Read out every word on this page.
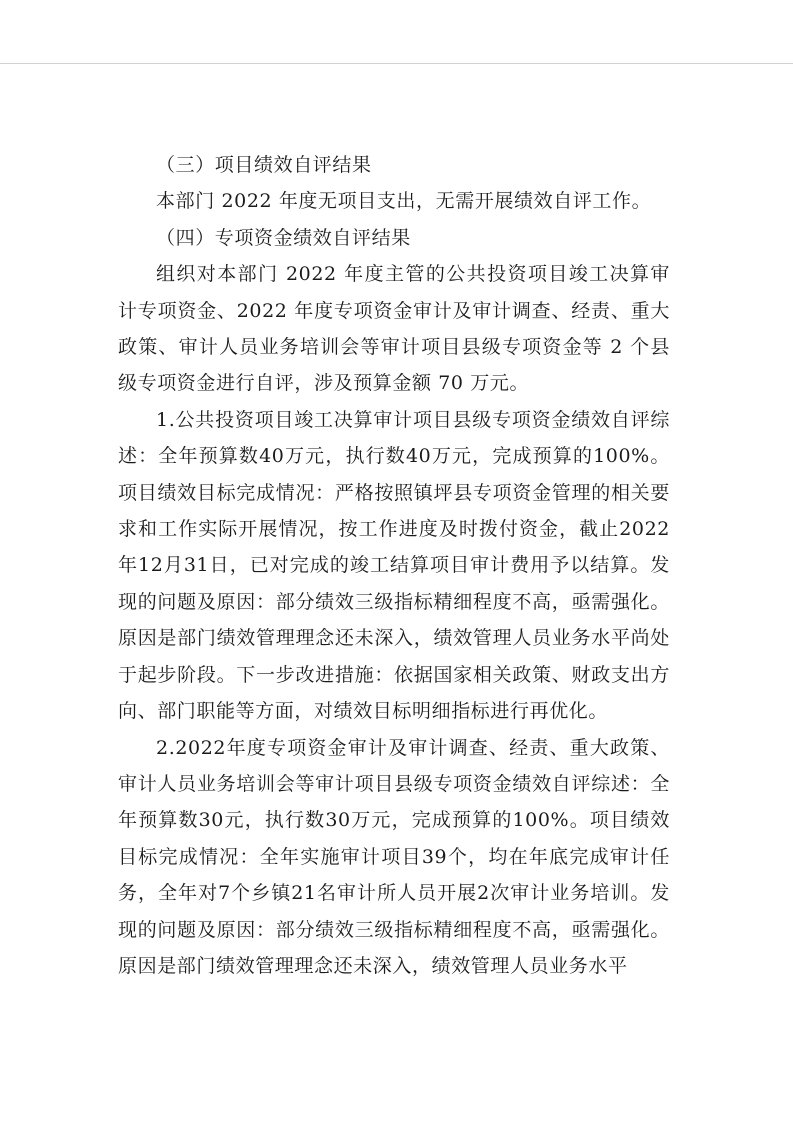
（三）项目绩效自评结果

本部门 2022 年度无项目支出，无需开展绩效自评工作。

（四）专项资金绩效自评结果

组织对本部门 2022 年度主管的公共投资项目竣工决算审计专项资金、2022 年度专项资金审计及审计调查、经责、重大政策、审计人员业务培训会等审计项目县级专项资金等 2 个县级专项资金进行自评，涉及预算金额 70 万元。

1.公共投资项目竣工决算审计项目县级专项资金绩效自评综述：全年预算数40万元，执行数40万元，完成预算的100%。项目绩效目标完成情况：严格按照镇坪县专项资金管理的相关要求和工作实际开展情况，按工作进度及时拨付资金，截止2022年12月31日，已对完成的竣工结算项目审计费用予以结算。发现的问题及原因：部分绩效三级指标精细程度不高，亟需强化。原因是部门绩效管理理念还未深入，绩效管理人员业务水平尚处于起步阶段。下一步改进措施：依据国家相关政策、财政支出方向、部门职能等方面，对绩效目标明细指标进行再优化。

2.2022年度专项资金审计及审计调查、经责、重大政策、审计人员业务培训会等审计项目县级专项资金绩效自评综述：全年预算数30元，执行数30万元，完成预算的100%。项目绩效目标完成情况：全年实施审计项目39个，均在年底完成审计任务，全年对7个乡镇21名审计所人员开展2次审计业务培训。发现的问题及原因：部分绩效三级指标精细程度不高，亟需强化。原因是部门绩效管理理念还未深入，绩效管理人员业务水平
